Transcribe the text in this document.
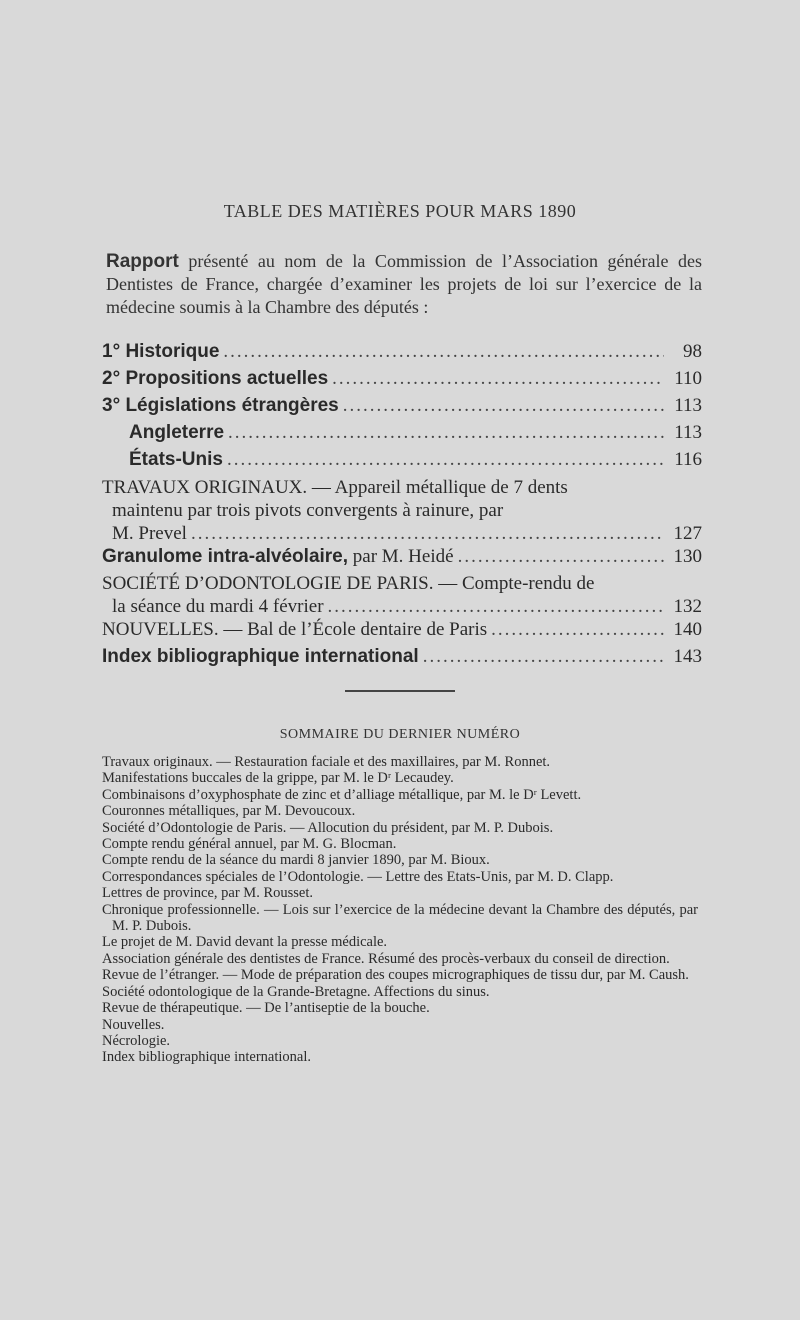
TABLE DES MATIÈRES POUR MARS 1890
Rapport présenté au nom de la Commission de l’Association générale des Dentistes de France, chargée d’examiner les projets de loi sur l’exercice de la médecine soumis à la Chambre des députés :
1° Historique .....	98
2° Propositions actuelles .....	110
3° Législations étrangères .....	113
Angleterre .....	113
États-Unis .....	116
TRAVAUX ORIGINAUX. — Appareil métallique de 7 dents
maintenu par trois pivots convergents à rainure, par
M. Prevel .....	127
Granulome intra-alvéolaire, par M. Heidé .....	130
SOCIÉTÉ D’ODONTOLOGIE DE PARIS. — Compte-rendu de
la séance du mardi 4 février .....	132
NOUVELLES. — Bal de l’École dentaire de Paris .....	140
Index bibliographique international .....	143
SOMMAIRE DU DERNIER NUMÉRO

Travaux originaux. — Restauration faciale et des maxillaires, par M. Ronnet.

Manifestations buccales de la grippe, par M. le Dʳ Lecaudey.

Combinaisons d’oxyphosphate de zinc et d’alliage métallique, par M. le Dʳ Levett.

Couronnes métalliques, par M. Devoucoux.

Société d’Odontologie de Paris. — Allocution du président, par M. P. Dubois.

Compte rendu général annuel, par M. G. Blocman.

Compte rendu de la séance du mardi 8 janvier 1890, par M. Bioux.

Correspondances spéciales de l’Odontologie. — Lettre des Etats-Unis, par M. D. Clapp.

Lettres de province, par M. Rousset.

Chronique professionnelle. — Lois sur l’exercice de la médecine devant la Chambre des députés, par M. P. Dubois.

Le projet de M. David devant la presse médicale.

Association générale des dentistes de France. Résumé des procès-verbaux du conseil de direction.

Revue de l’étranger. — Mode de préparation des coupes micrographiques de tissu dur, par M. Caush.

Société odontologique de la Grande-Bretagne. Affections du sinus.

Revue de thérapeutique. — De l’antiseptie de la bouche.

Nouvelles.

Nécrologie.

Index bibliographique international.
